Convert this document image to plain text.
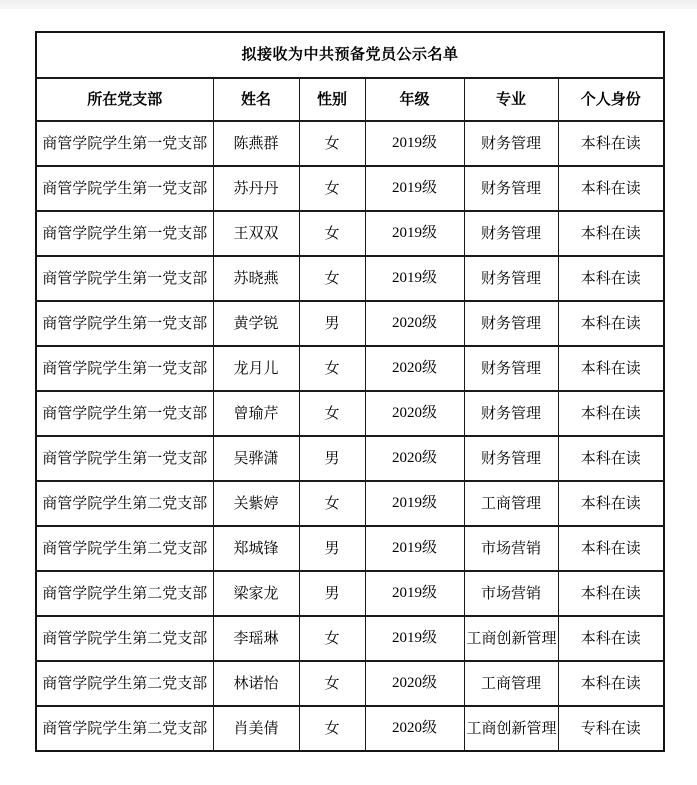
拟接收为中共预备党员公示名单					
所在党支部	姓名	性别	年级	专业	个人身份
商管学院学生第一党支部	陈燕群	女	2019级	财务管理	本科在读
商管学院学生第一党支部	苏丹丹	女	2019级	财务管理	本科在读
商管学院学生第一党支部	王双双	女	2019级	财务管理	本科在读
商管学院学生第一党支部	苏晓燕	女	2019级	财务管理	本科在读
商管学院学生第一党支部	黄学锐	男	2020级	财务管理	本科在读
商管学院学生第一党支部	龙月儿	女	2020级	财务管理	本科在读
商管学院学生第一党支部	曾瑜芹	女	2020级	财务管理	本科在读
商管学院学生第一党支部	吴骅潇	男	2020级	财务管理	本科在读
商管学院学生第二党支部	关紫婷	女	2019级	工商管理	本科在读
商管学院学生第二党支部	郑城锋	男	2019级	市场营销	本科在读
商管学院学生第二党支部	梁家龙	男	2019级	市场营销	本科在读
商管学院学生第二党支部	李瑶琳	女	2019级	工商创新管理	本科在读
商管学院学生第二党支部	林诺怡	女	2020级	工商管理	本科在读
商管学院学生第二党支部	肖美倩	女	2020级	工商创新管理	专科在读
